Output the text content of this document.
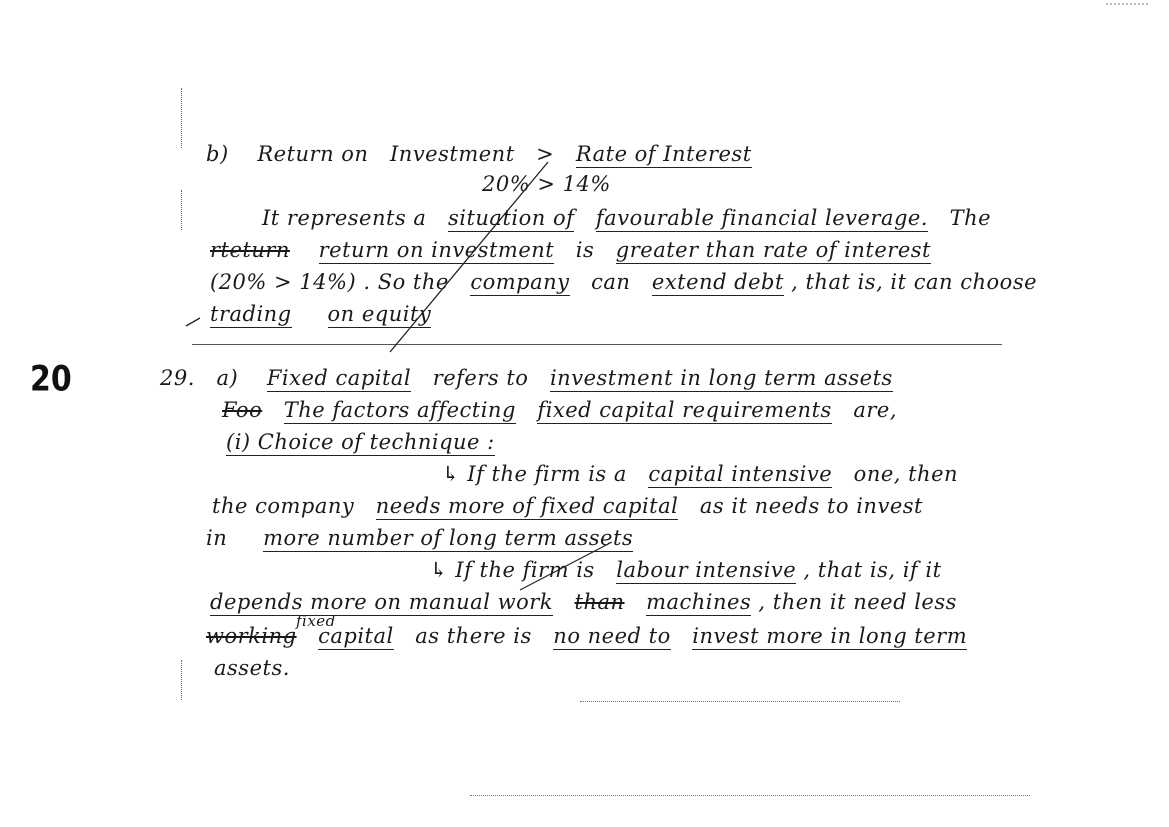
20
b) Return on Investment > Rate of Interest
20% > 14%
It represents a situation of favourable financial leverage. The
rteturn return on investment is greater than rate of interest
(20% > 14%) . So the company can extend debt , that is, it can choose
trading on equity
29. a) Fixed capital refers to investment in long term assets
Foo The factors affecting fixed capital requirements are,
(i) Choice of technique :
↳ If the firm is a capital intensive one, then
the company needs more of fixed capital as it needs to invest
in more number of long term assets
↳ If the firm is labour intensive , that is, if it
depends more on manual work than machines , then it need less
fixed
working capital as there is no need to invest more in long term
assets.
